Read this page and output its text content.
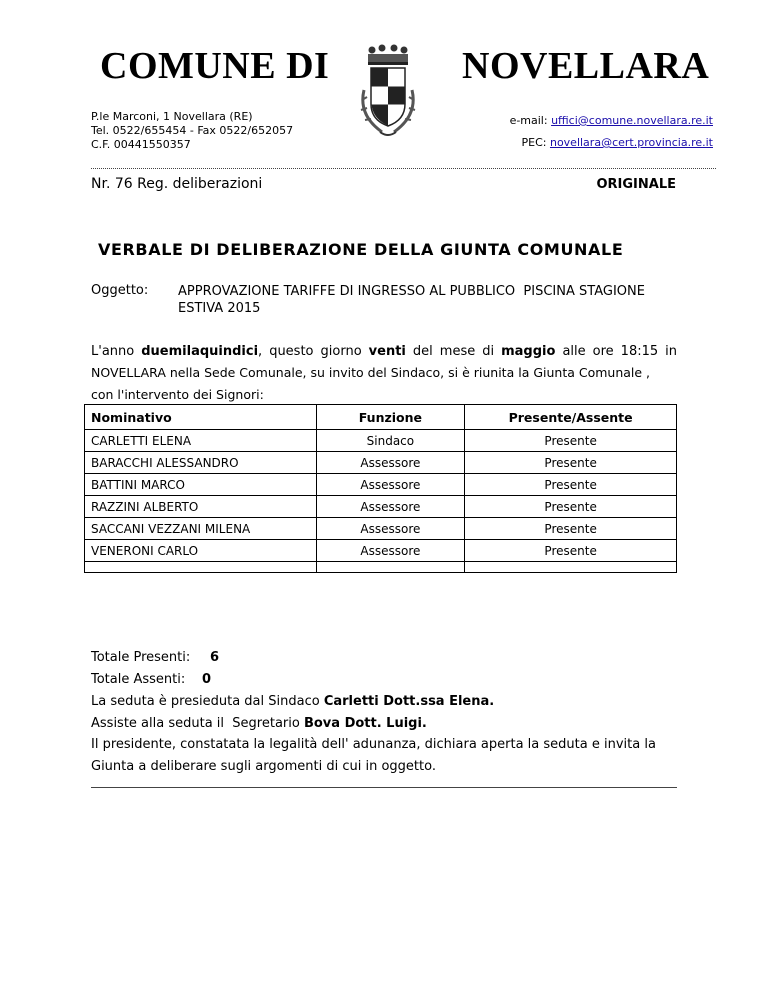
COMUNE DI	NOVELLARA
P.le Marconi, 1 Novellara (RE)
Tel. 0522/655454 - Fax 0522/652057
C.F. 00441550357
e-mail: uffici@comune.novellara.re.it
PEC: novellara@cert.provincia.re.it
Nr. 76 Reg. deliberazioni	ORIGINALE
VERBALE DI DELIBERAZIONE DELLA GIUNTA COMUNALE
Oggetto: APPROVAZIONE TARIFFE DI INGRESSO AL PUBBLICO  PISCINA STAGIONE
ESTIVA 2015
L'anno duemilaquindici, questo giorno venti del mese di maggio alle ore 18:15 in
NOVELLARA nella Sede Comunale, su invito del Sindaco, si è riunita la Giunta Comunale ,
con l'intervento dei Signori:
Nominativo	Funzione	Presente/Assente
CARLETTI ELENA	Sindaco	Presente
BARACCHI ALESSANDRO	Assessore	Presente
BATTINI MARCO	Assessore	Presente
RAZZINI ALBERTO	Assessore	Presente
SACCANI VEZZANI MILENA	Assessore	Presente
VENERONI CARLO	Assessore	Presente

Totale Presenti: 6
Totale Assenti: 0
La seduta è presieduta dal Sindaco Carletti Dott.ssa Elena.
Assiste alla seduta il  Segretario Bova Dott. Luigi.
Il presidente, constatata la legalità dell' adunanza, dichiara aperta la seduta e invita la
Giunta a deliberare sugli argomenti di cui in oggetto.
